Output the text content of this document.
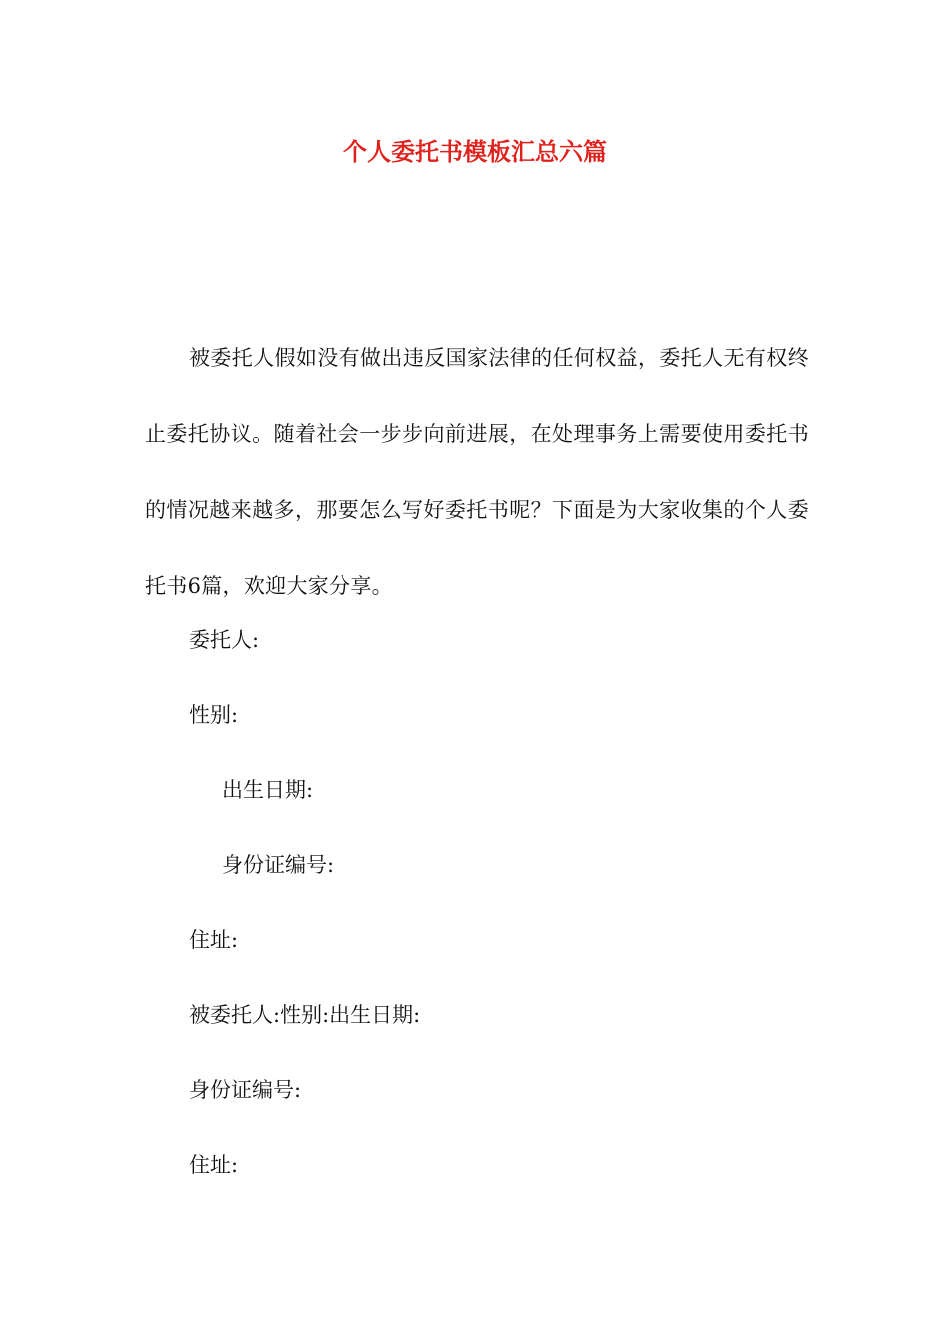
个人委托书模板汇总六篇

被委托人假如没有做出违反国家法律的任何权益，委托人无有权终止委托协议。随着社会一步步向前进展，在处理事务上需要使用委托书的情况越来越多，那要怎么写好委托书呢？下面是为大家收集的个人委托书6篇，欢迎大家分享。

委托人:

性别:

出生日期:

身份证编号:

住址:

被委托人:性别:出生日期:

身份证编号:

住址:
